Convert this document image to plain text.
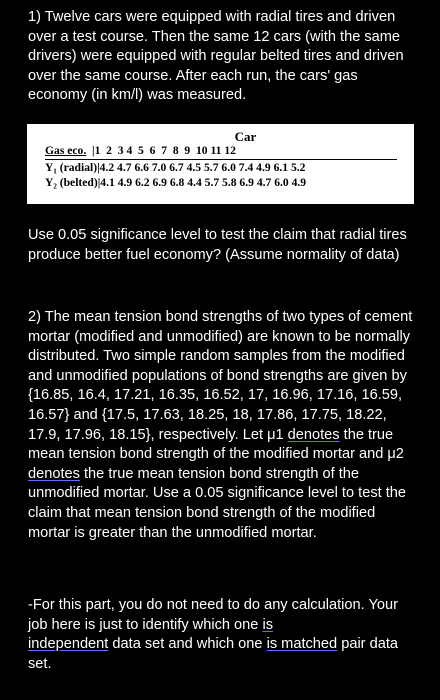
1) Twelve cars were equipped with radial tires and driven over a test course. Then the same 12 cars (with the same drivers) were equipped with regular belted tires and driven over the same course. After each run, the cars' gas economy (in km/l) was measured.

Car
Gas eco. |1  2  3 4  5  6  7  8  9  10 11 12
Y₁ (radial)|4.2 4.7 6.6 7.0 6.7 4.5 5.7 6.0 7.4 4.9 6.1 5.2
Y₂ (belted)|4.1 4.9 6.2 6.9 6.8 4.4 5.7 5.8 6.9 4.7 6.0 4.9

Use 0.05 significance level to test the claim that radial tires produce better fuel economy? (Assume normality of data)

2) The mean tension bond strengths of two types of cement mortar (modified and unmodified) are known to be normally distributed. Two simple random samples from the modified and unmodified populations of bond strengths are given by {16.85, 16.4, 17.21, 16.35, 16.52, 17, 16.96, 17.16, 16.59, 16.57} and {17.5, 17.63, 18.25, 18, 17.86, 17.75, 18.22, 17.9, 17.96, 18.15}, respectively. Let μ1 denotes the true mean tension bond strength of the modified mortar and μ2 denotes the true mean tension bond strength of the unmodified mortar. Use a 0.05 significance level to test the claim that mean tension bond strength of the modified mortar is greater than the unmodified mortar.

-For this part, you do not need to do any calculation. Your job here is just to identify which one is
independent data set and which one is matched pair data set.
